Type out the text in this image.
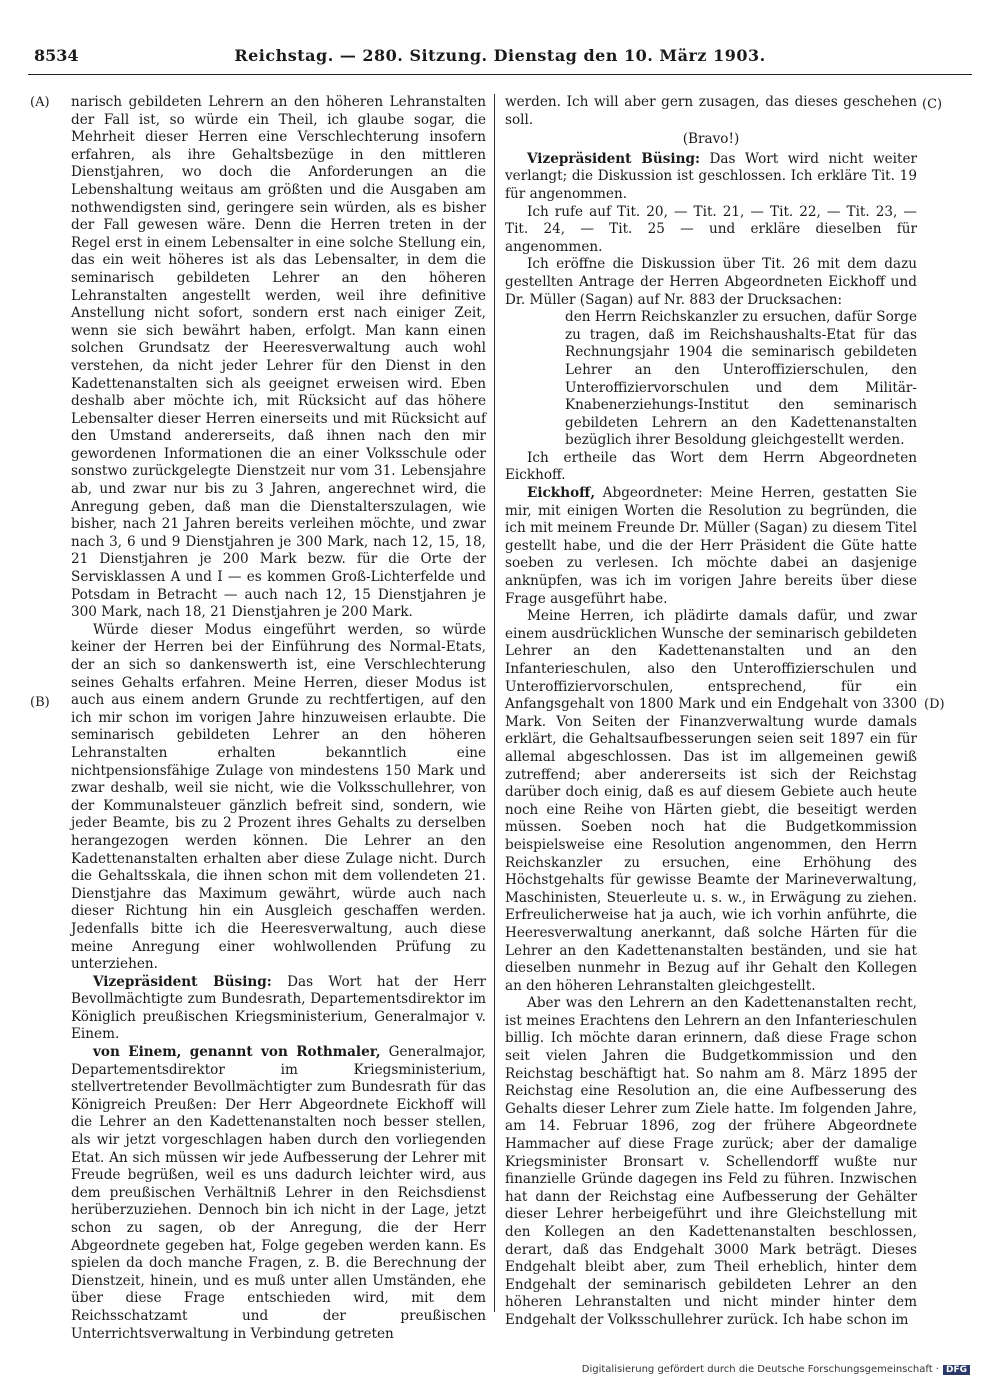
8534	Reichstag. — 280. Sitzung. Dienstag den 10. März 1903.
(A)
(B)
(C)
(D)

narisch gebildeten Lehrern an den höheren Lehranstalten der Fall ist, so würde ein Theil, ich glaube sogar, die Mehrheit dieser Herren eine Verschlechterung insofern erfahren, als ihre Gehaltsbezüge in den mittleren Dienstjahren, wo doch die Anforderungen an die Lebenshaltung weitaus am größten und die Ausgaben am nothwendigsten sind, geringere sein würden, als es bisher der Fall gewesen wäre. Denn die Herren treten in der Regel erst in einem Lebensalter in eine solche Stellung ein, das ein weit höheres ist als das Lebensalter, in dem die seminarisch gebildeten Lehrer an den höheren Lehranstalten angestellt werden, weil ihre definitive Anstellung nicht sofort, sondern erst nach einiger Zeit, wenn sie sich bewährt haben, erfolgt. Man kann einen solchen Grundsatz der Heeresverwaltung auch wohl verstehen, da nicht jeder Lehrer für den Dienst in den Kadettenanstalten sich als geeignet erweisen wird. Eben deshalb aber möchte ich, mit Rücksicht auf das höhere Lebensalter dieser Herren einerseits und mit Rücksicht auf den Umstand andererseits, daß ihnen nach den mir gewordenen Informationen die an einer Volksschule oder sonstwo zurückgelegte Dienstzeit nur vom 31. Lebensjahre ab, und zwar nur bis zu 3 Jahren, angerechnet wird, die Anregung geben, daß man die Dienstalterszulagen, wie bisher, nach 21 Jahren bereits verleihen möchte, und zwar nach 3, 6 und 9 Dienstjahren je 300 Mark, nach 12, 15, 18, 21 Dienstjahren je 200 Mark bezw. für die Orte der Servisklassen A und I — es kommen Groß-Lichterfelde und Potsdam in Betracht — auch nach 12, 15 Dienstjahren je 300 Mark, nach 18, 21 Dienstjahren je 200 Mark.

Würde dieser Modus eingeführt werden, so würde keiner der Herren bei der Einführung des Normal-Etats, der an sich so dankenswerth ist, eine Verschlechterung seines Gehalts erfahren. Meine Herren, dieser Modus ist auch aus einem andern Grunde zu rechtfertigen, auf den ich mir schon im vorigen Jahre hinzuweisen erlaubte. Die seminarisch gebildeten Lehrer an den höheren Lehranstalten erhalten bekanntlich eine nichtpensionsfähige Zulage von mindestens 150 Mark und zwar deshalb, weil sie nicht, wie die Volksschullehrer, von der Kommunalsteuer gänzlich befreit sind, sondern, wie jeder Beamte, bis zu 2 Prozent ihres Gehalts zu derselben herangezogen werden können. Die Lehrer an den Kadettenanstalten erhalten aber diese Zulage nicht. Durch die Gehaltsskala, die ihnen schon mit dem vollendeten 21. Dienstjahre das Maximum gewährt, würde auch nach dieser Richtung hin ein Ausgleich geschaffen werden. Jedenfalls bitte ich die Heeresverwaltung, auch diese meine Anregung einer wohlwollenden Prüfung zu unterziehen.

Vizepräsident Büsing: Das Wort hat der Herr Bevollmächtigte zum Bundesrath, Departementsdirektor im Königlich preußischen Kriegsministerium, Generalmajor v. Einem.

von Einem, genannt von Rothmaler, Generalmajor, Departementsdirektor im Kriegsministerium, stellvertretender Bevollmächtigter zum Bundesrath für das Königreich Preußen: Der Herr Abgeordnete Eickhoff will die Lehrer an den Kadettenanstalten noch besser stellen, als wir jetzt vorgeschlagen haben durch den vorliegenden Etat. An sich müssen wir jede Aufbesserung der Lehrer mit Freude begrüßen, weil es uns dadurch leichter wird, aus dem preußischen Verhältniß Lehrer in den Reichsdienst herüberzuziehen. Dennoch bin ich nicht in der Lage, jetzt schon zu sagen, ob der Anregung, die der Herr Abgeordnete gegeben hat, Folge gegeben werden kann. Es spielen da doch manche Fragen, z. B. die Berechnung der Dienstzeit, hinein, und es muß unter allen Umständen, ehe über diese Frage entschieden wird, mit dem Reichsschatzamt und der preußischen Unterrichtsverwaltung in Verbindung getreten

werden. Ich will aber gern zusagen, das dieses geschehen soll.

(Bravo!)

Vizepräsident Büsing: Das Wort wird nicht weiter verlangt; die Diskussion ist geschlossen. Ich erkläre Tit. 19 für angenommen.

Ich rufe auf Tit. 20, — Tit. 21, — Tit. 22, — Tit. 23, — Tit. 24, — Tit. 25 — und erkläre dieselben für angenommen.

Ich eröffne die Diskussion über Tit. 26 mit dem dazu gestellten Antrage der Herren Abgeordneten Eickhoff und Dr. Müller (Sagan) auf Nr. 883 der Drucksachen:

den Herrn Reichskanzler zu ersuchen, dafür Sorge zu tragen, daß im Reichshaushalts-Etat für das Rechnungsjahr 1904 die seminarisch gebildeten Lehrer an den Unteroffizierschulen, den Unteroffiziervorschulen und dem Militär-Knabenerziehungs-Institut den seminarisch gebildeten Lehrern an den Kadettenanstalten bezüglich ihrer Besoldung gleichgestellt werden.

Ich ertheile das Wort dem Herrn Abgeordneten Eickhoff.

Eickhoff, Abgeordneter: Meine Herren, gestatten Sie mir, mit einigen Worten die Resolution zu begründen, die ich mit meinem Freunde Dr. Müller (Sagan) zu diesem Titel gestellt habe, und die der Herr Präsident die Güte hatte soeben zu verlesen. Ich möchte dabei an dasjenige anknüpfen, was ich im vorigen Jahre bereits über diese Frage ausgeführt habe.

Meine Herren, ich plädirte damals dafür, und zwar einem ausdrücklichen Wunsche der seminarisch gebildeten Lehrer an den Kadettenanstalten und an den Infanterieschulen, also den Unteroffizierschulen und Unteroffiziervorschulen, entsprechend, für ein Anfangsgehalt von 1800 Mark und ein Endgehalt von 3300 Mark. Von Seiten der Finanzverwaltung wurde damals erklärt, die Gehaltsaufbesserungen seien seit 1897 ein für allemal abgeschlossen. Das ist im allgemeinen gewiß zutreffend; aber andererseits ist sich der Reichstag darüber doch einig, daß es auf diesem Gebiete auch heute noch eine Reihe von Härten giebt, die beseitigt werden müssen. Soeben noch hat die Budgetkommission beispielsweise eine Resolution angenommen, den Herrn Reichskanzler zu ersuchen, eine Erhöhung des Höchstgehalts für gewisse Beamte der Marineverwaltung, Maschinisten, Steuerleute u. s. w., in Erwägung zu ziehen. Erfreulicherweise hat ja auch, wie ich vorhin anführte, die Heeresverwaltung anerkannt, daß solche Härten für die Lehrer an den Kadettenanstalten beständen, und sie hat dieselben nunmehr in Bezug auf ihr Gehalt den Kollegen an den höheren Lehranstalten gleichgestellt.

Aber was den Lehrern an den Kadettenanstalten recht, ist meines Erachtens den Lehrern an den Infanterieschulen billig. Ich möchte daran erinnern, daß diese Frage schon seit vielen Jahren die Budgetkommission und den Reichstag beschäftigt hat. So nahm am 8. März 1895 der Reichstag eine Resolution an, die eine Aufbesserung des Gehalts dieser Lehrer zum Ziele hatte. Im folgenden Jahre, am 14. Februar 1896, zog der frühere Abgeordnete Hammacher auf diese Frage zurück; aber der damalige Kriegsminister Bronsart v. Schellendorff wußte nur finanzielle Gründe dagegen ins Feld zu führen. Inzwischen hat dann der Reichstag eine Aufbesserung der Gehälter dieser Lehrer herbeigeführt und ihre Gleichstellung mit den Kollegen an den Kadettenanstalten beschlossen, derart, daß das Endgehalt 3000 Mark beträgt. Dieses Endgehalt bleibt aber, zum Theil erheblich, hinter dem Endgehalt der seminarisch gebildeten Lehrer an den höheren Lehranstalten und nicht minder hinter dem Endgehalt der Volksschullehrer zurück. Ich habe schon im

Digitalisierung gefördert durch die Deutsche Forschungsgemeinschaft · DFG
